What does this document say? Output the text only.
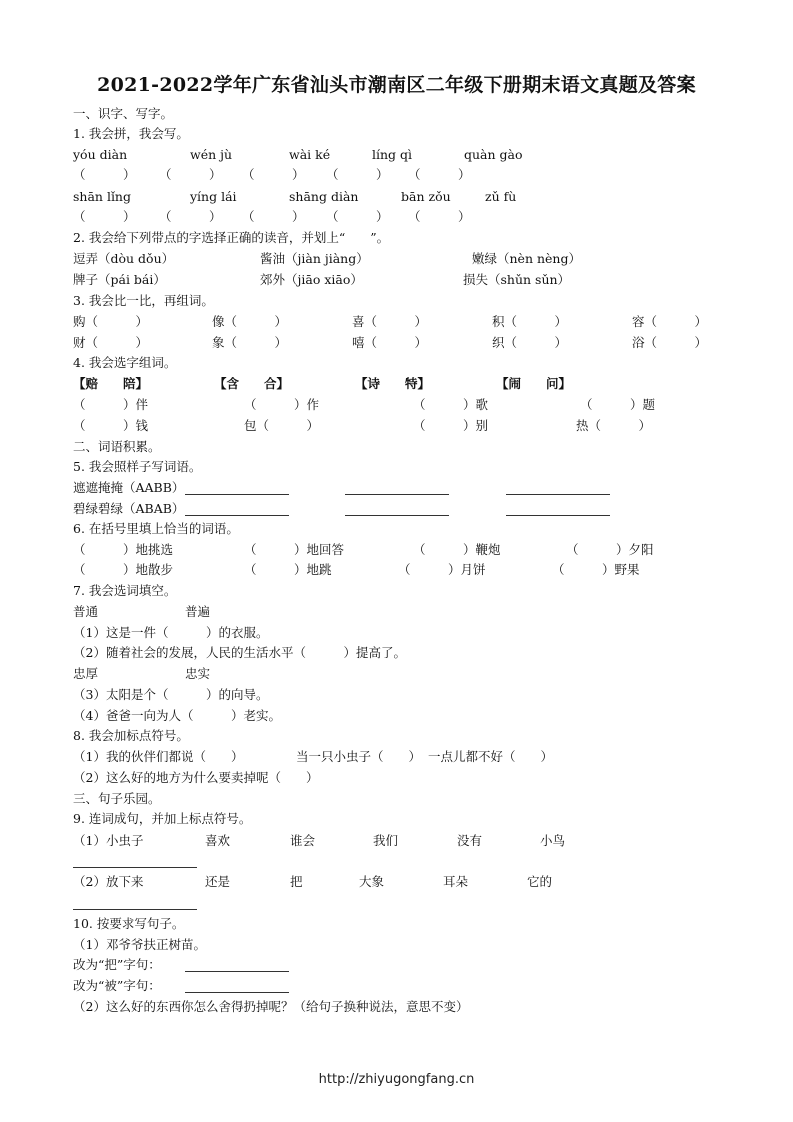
2021-2022学年广东省汕头市潮南区二年级下册期末语文真题及答案
一、识字、写字。
1. 我会拼，我会写。
yóu diàn	wén jù	wài ké	líng qì	quàn gào
（　　　） （　　　） （　　　） （　　　） （　　　）
shān lǐng	yíng lái	shāng diàn	bān zǒu	zǔ fù
（　　　） （　　　） （　　　） （　　　） （　　　）
2. 我会给下列带点的字选择正确的读音，并划上“　　”。
逗弄（dòu dǒu）	酱油（jiàn jiàng）	嫩绿（nèn nèng）
牌子（pái bái）	郊外（jiāo xiāo）	损失（shǔn sǔn）
3. 我会比一比，再组词。
购（　　　）	像（　　　）	喜（　　　）	积（　　　）	容（　　　）
财（　　　）	象（　　　）	嘻（　　　）	织（　　　）	浴（　　　）
4. 我会选字组词。
【赔　　陪】	【含　　合】	【诗　　特】	【闹　　问】
（　　　）伴	（　　　）作	（　　　）歌	（　　　）题
（　　　）钱	包（　　　）	（　　　）别	热（　　　）
二、词语积累。
5. 我会照样子写词语。
遮遮掩掩（AABB）
碧绿碧绿（ABAB）
6. 在括号里填上恰当的词语。
（　　　）地挑选	（　　　）地回答	（　　　）鞭炮	（　　　）夕阳
（　　　）地散步	（　　　）地跳	（　　　）月饼	（　　　）野果
7. 我会选词填空。
普通	普遍
（1）这是一件（　　　）的衣服。
（2）随着社会的发展，人民的生活水平（　　　）提高了。
忠厚	忠实
（3）太阳是个（　　　）的向导。
（4）爸爸一向为人（　　　）老实。
8. 我会加标点符号。
（1）我的伙伴们都说（　　）	当一只小虫子（　　） 一点儿都不好（　　）
（2）这么好的地方为什么要卖掉呢（　　）
三、句子乐园。
9. 连词成句，并加上标点符号。
（1） 小虫子	喜欢	谁会	我们	没有	小鸟
（2） 放下来	还是	把	大象	耳朵	它的
10. 按要求写句子。
（1）邓爷爷扶正树苗。
改为“把”字句：
改为“被”字句：
（2）这么好的东西你怎么舍得扔掉呢？（给句子换种说法，意思不变）
http://zhiyugongfang.cn
